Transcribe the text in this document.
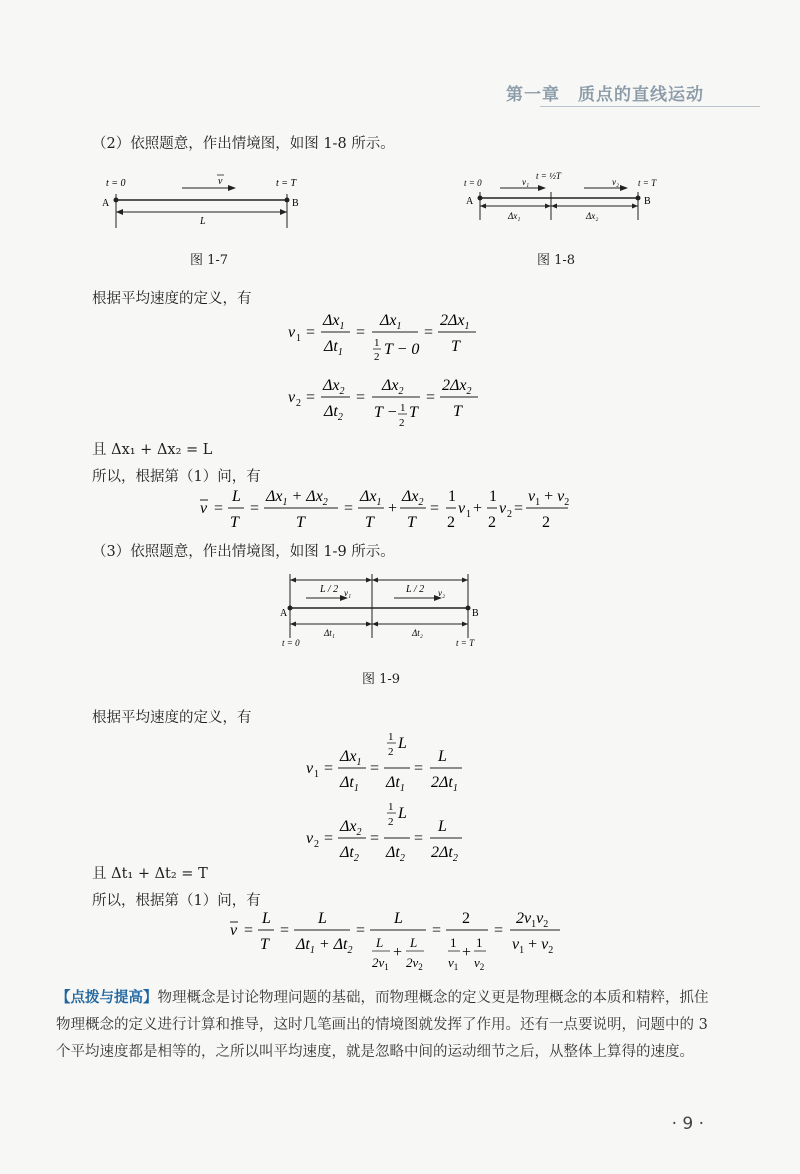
第一章　质点的直线运动
（2）依照题意，作出情境图，如图 1-8 所示。
t = 0	t = T
v
A	B
L
图 1-7
t = 0
t = ½T
t = T
v₁	v₂
A	B
Δx₁	Δx₂
图 1-8
根据平均速度的定义，有
v 1 =
$\Delta x_1$
$\Delta t_1$
=
$\Delta x_1$
1
2 T − 0
=
$2\Delta x_1$
T
v 2 =
$\Delta x_2$
$\Delta t_2$
=
$\Delta x_2$
T − 1
2
T
=
$2\Delta x_2$
T
且 Δx₁ + Δx₂ = L
所以，根据第（1）问，有
v =
L
T
=
$\Delta x_1 + \Delta x_2$
T
=
$\Delta x_1$
T
+
$\Delta x_2$
T
=
1
2
v 1 +
1
2
v 2 =
$v_1 + v_2$
2
（3）依照题意，作出情境图，如图 1-9 所示。
L / 2	L / 2
v₁	v₂
A	B
Δt₁	Δt₂
t = 0	t = T
图 1-9
根据平均速度的定义，有
v 1 =
$\Delta x_1$
$\Delta t_1$
=
1
2 L
$\Delta t_1$
=
L
$2\Delta t_1$
v 2 =
$\Delta x_2$
$\Delta t_2$
=
1
2 L
$\Delta t_2$
=
L
$2\Delta t_2$
且 Δt₁ + Δt₂ = T
所以，根据第（1）问，有
v =
L
T
=
L
$\Delta t_1 + \Delta t_2$
=
L
L
$2v_1$
+
L
$2v_2$
=
2
1
$v_1$
+
1
$v_2$
=
$2v_1v_2$
$v_1 + v_2$
【点拨与提高】物理概念是讨论物理问题的基础，而物理概念的定义更是物理概念的本质和精粹，抓住物理概念的定义进行计算和推导，这时几笔画出的情境图就发挥了作用。还有一点要说明，问题中的 3 个平均速度都是相等的，之所以叫平均速度，就是忽略中间的运动细节之后，从整体上算得的速度。
· 9 ·
